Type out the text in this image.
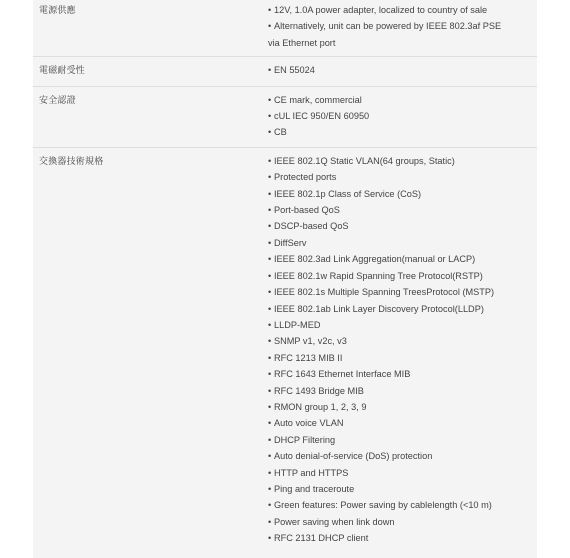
電源供應	• 12V, 1.0A power adapter, localized to country of sale
• Alternatively, unit can be powered by IEEE 802.3af PSE
via Ethernet port
電磁耐受性	• EN 55024
安全認證	• CE mark, commercial
• cUL IEC 950/EN 60950
• CB
交換器技術規格	• IEEE 802.1Q Static VLAN(64 groups, Static)
• Protected ports
• IEEE 802.1p Class of Service (CoS)
• Port-based QoS
• DSCP-based QoS
• DiffServ
• IEEE 802.3ad Link Aggregation(manual or LACP)
• IEEE 802.1w Rapid Spanning Tree Protocol(RSTP)
• IEEE 802.1s Multiple Spanning TreesProtocol (MSTP)
• IEEE 802.1ab Link Layer Discovery Protocol(LLDP)
• LLDP-MED
• SNMP v1, v2c, v3
• RFC 1213 MIB II
• RFC 1643 Ethernet Interface MIB
• RFC 1493 Bridge MIB
• RMON group 1, 2, 3, 9
• Auto voice VLAN
• DHCP Filtering
• Auto denial-of-service (DoS) protection
• HTTP and HTTPS
• Ping and traceroute
• Green features: Power saving by cablelength (<10 m)
• Power saving when link down
• RFC 2131 DHCP client
